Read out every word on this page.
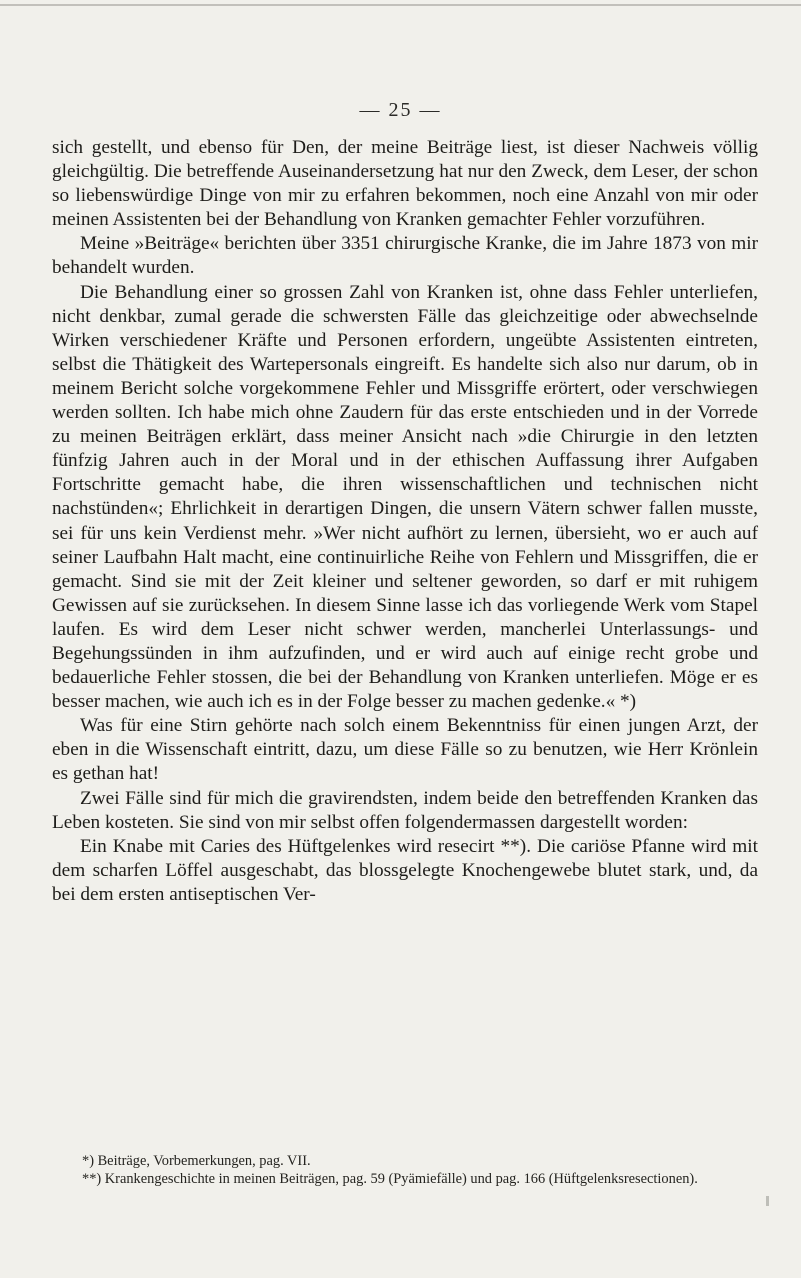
— 25 —

sich gestellt, und ebenso für Den, der meine Beiträge liest, ist dieser Nachweis völlig gleichgültig. Die betreffende Auseinandersetzung hat nur den Zweck, dem Leser, der schon so liebenswürdige Dinge von mir zu erfahren bekommen, noch eine Anzahl von mir oder meinen Assistenten bei der Behandlung von Kranken gemachter Fehler vorzuführen.

Meine »Beiträge« berichten über 3351 chirurgische Kranke, die im Jahre 1873 von mir behandelt wurden.

Die Behandlung einer so grossen Zahl von Kranken ist, ohne dass Fehler unterliefen, nicht denkbar, zumal gerade die schwersten Fälle das gleichzeitige oder abwechselnde Wirken verschiedener Kräfte und Personen erfordern, ungeübte Assistenten eintreten, selbst die Thätigkeit des Wartepersonals eingreift. Es handelte sich also nur darum, ob in meinem Bericht solche vorgekommene Fehler und Missgriffe erörtert, oder verschwiegen werden sollten. Ich habe mich ohne Zaudern für das erste entschieden und in der Vorrede zu meinen Beiträgen erklärt, dass meiner Ansicht nach »die Chirurgie in den letzten fünfzig Jahren auch in der Moral und in der ethischen Auffassung ihrer Aufgaben Fortschritte gemacht habe, die ihren wissenschaftlichen und technischen nicht nachstünden«; Ehrlichkeit in derartigen Dingen, die unsern Vätern schwer fallen musste, sei für uns kein Verdienst mehr. »Wer nicht aufhört zu lernen, übersieht, wo er auch auf seiner Laufbahn Halt macht, eine continuirliche Reihe von Fehlern und Missgriffen, die er gemacht. Sind sie mit der Zeit kleiner und seltener geworden, so darf er mit ruhigem Gewissen auf sie zurücksehen. In diesem Sinne lasse ich das vorliegende Werk vom Stapel laufen. Es wird dem Leser nicht schwer werden, mancherlei Unterlassungs- und Begehungssünden in ihm aufzufinden, und er wird auch auf einige recht grobe und bedauerliche Fehler stossen, die bei der Behandlung von Kranken unterliefen. Möge er es besser machen, wie auch ich es in der Folge besser zu machen gedenke.« *)

Was für eine Stirn gehörte nach solch einem Bekenntniss für einen jungen Arzt, der eben in die Wissenschaft eintritt, dazu, um diese Fälle so zu benutzen, wie Herr Krönlein es gethan hat!

Zwei Fälle sind für mich die gravirendsten, indem beide den betreffenden Kranken das Leben kosteten. Sie sind von mir selbst offen folgendermassen dargestellt worden:

Ein Knabe mit Caries des Hüftgelenkes wird resecirt **). Die cariöse Pfanne wird mit dem scharfen Löffel ausgeschabt, das blossgelegte Knochengewebe blutet stark, und, da bei dem ersten antiseptischen Ver-

*) Beiträge, Vorbemerkungen, pag. VII.

**) Krankengeschichte in meinen Beiträgen, pag. 59 (Pyämiefälle) und pag. 166 (Hüftgelenksresectionen).
